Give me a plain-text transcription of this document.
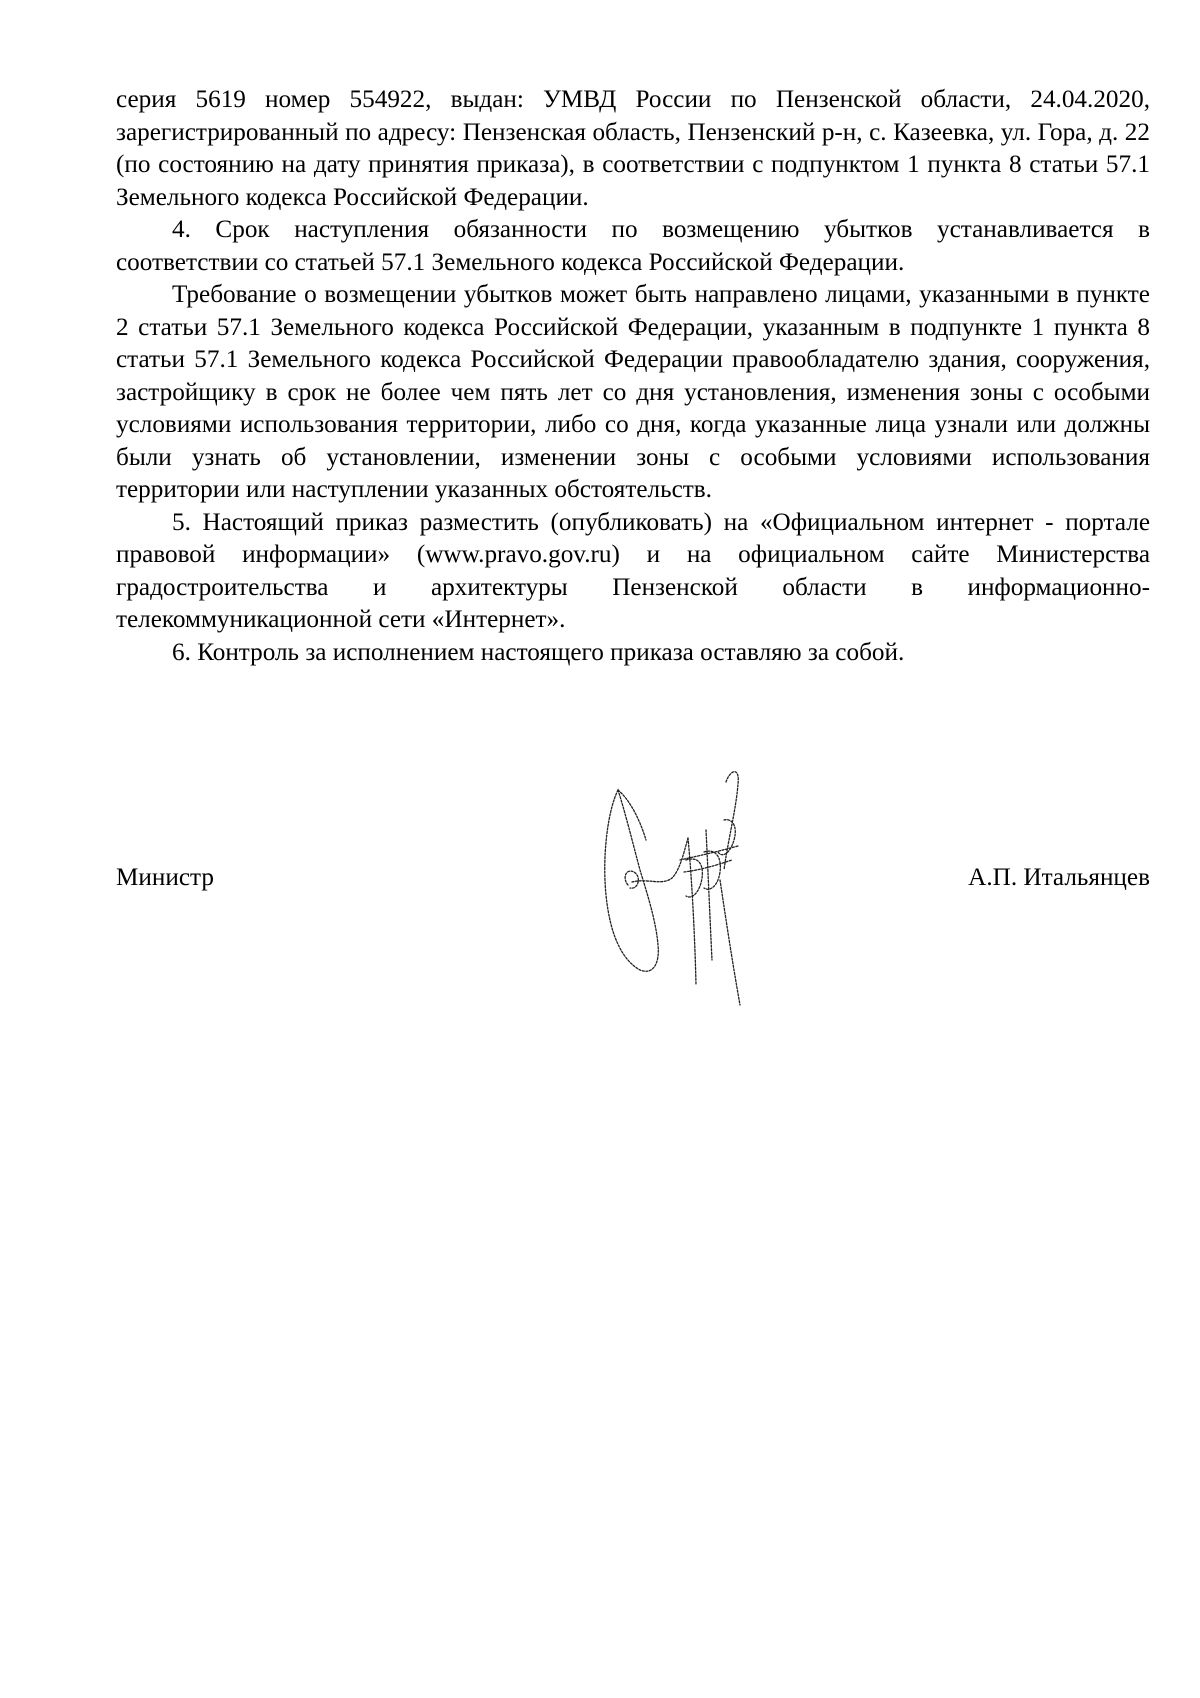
серия 5619 номер 554922, выдан: УМВД России по Пензенской области, 24.04.2020, зарегистрированный по адресу: Пензенская область, Пензенский р-н, с. Казеевка, ул. Гора, д. 22 (по состоянию на дату принятия приказа), в соответствии с подпунктом 1 пункта 8 статьи 57.1 Земельного кодекса Российской Федерации.

4. Срок наступления обязанности по возмещению убытков устанавливается в соответствии со статьей 57.1 Земельного кодекса Российской Федерации.

Требование о возмещении убытков может быть направлено лицами, указанными в пункте 2 статьи 57.1 Земельного кодекса Российской Федерации, указанным в подпункте 1 пункта 8 статьи 57.1 Земельного кодекса Российской Федерации правообладателю здания, сооружения, застройщику в срок не более чем пять лет со дня установления, изменения зоны с особыми условиями использования территории, либо со дня, когда указанные лица узнали или должны были узнать об установлении, изменении зоны с особыми условиями использования территории или наступлении указанных обстоятельств.

5. Настоящий приказ разместить (опубликовать) на «Официальном интернет - портале правовой информации» (www.pravo.gov.ru) и на официальном сайте Министерства градостроительства и архитектуры Пензенской области в информационно-телекоммуникационной сети «Интернет».

6. Контроль за исполнением настоящего приказа оставляю за собой.

Министр	А.П. Итальянцев
